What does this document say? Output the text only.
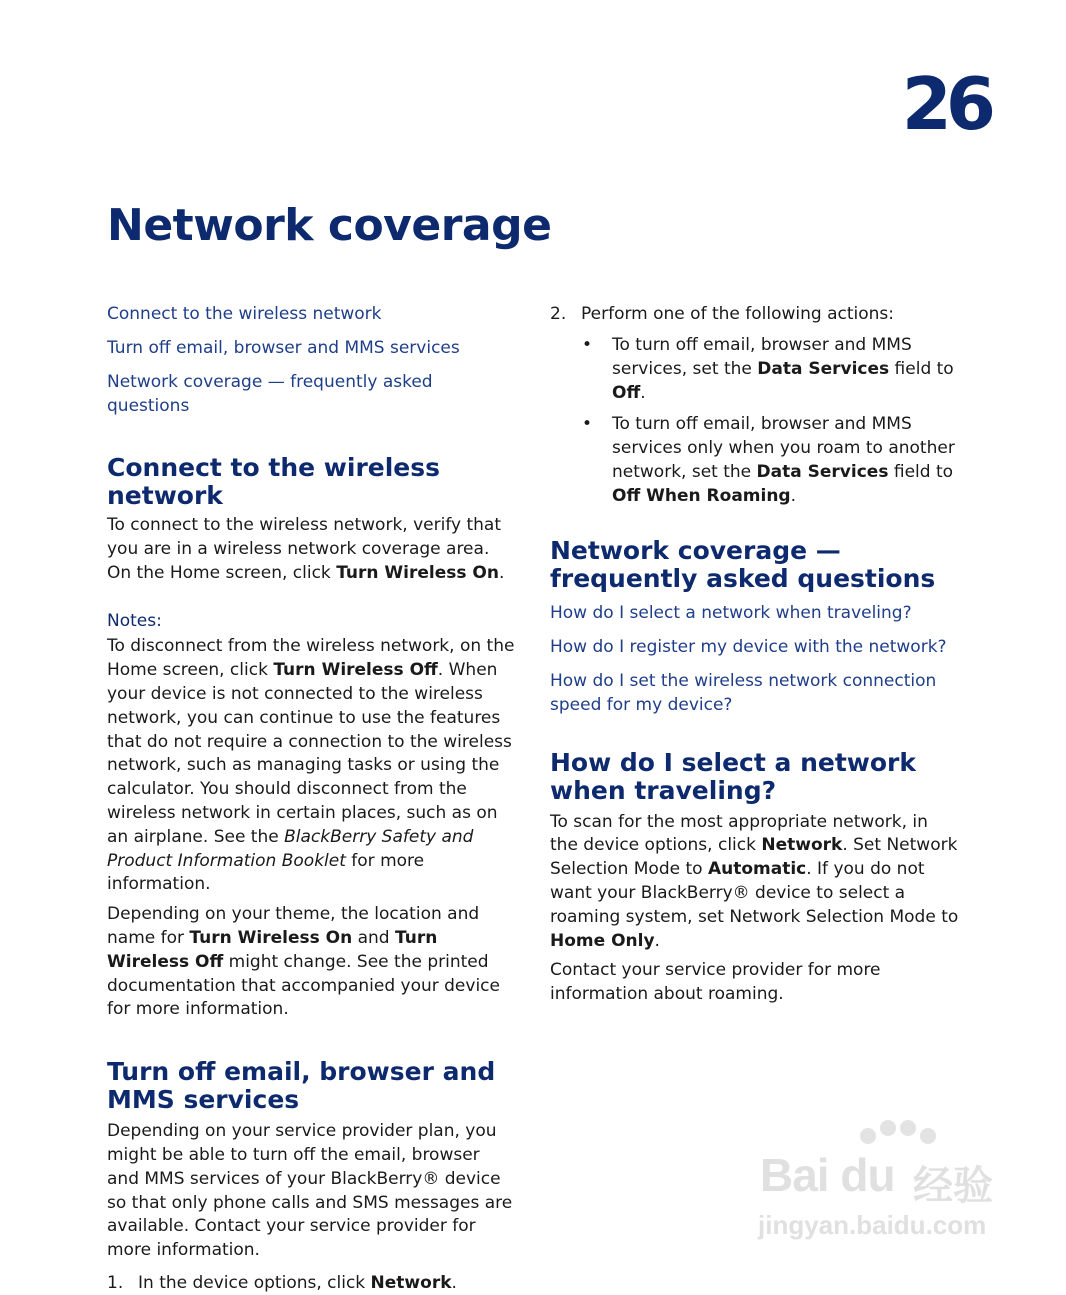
26
Network coverage
Connect to the wireless network
Turn off email, browser and MMS services
Network coverage — frequently asked questions
Connect to the wireless network

To connect to the wireless network, verify that you are in a wireless network coverage area. On the Home screen, click Turn Wireless On.

Notes:

To disconnect from the wireless network, on the Home screen, click Turn Wireless Off. When your device is not connected to the wireless network, you can continue to use the features that do not require a connection to the wireless network, such as managing tasks or using the calculator. You should disconnect from the wireless network in certain places, such as on an airplane. See the BlackBerry Safety and Product Information Booklet for more information.

Depending on your theme, the location and name for Turn Wireless On and Turn Wireless Off might change. See the printed documentation that accompanied your device for more information.

Turn off email, browser and MMS services

Depending on your service provider plan, you might be able to turn off the email, browser and MMS services of your BlackBerry® device so that only phone calls and SMS messages are available. Contact your service provider for more information.

1. In the device options, click Network.
2. Perform one of the following actions:
• To turn off email, browser and MMS services, set the Data Services field to Off.
• To turn off email, browser and MMS services only when you roam to another network, set the Data Services field to Off When Roaming.
Network coverage — frequently asked questions
How do I select a network when traveling?
How do I register my device with the network?
How do I set the wireless network connection speed for my device?
How do I select a network when traveling?

To scan for the most appropriate network, in the device options, click Network. Set Network Selection Mode to Automatic. If you do not want your BlackBerry® device to select a roaming system, set Network Selection Mode to Home Only.

Contact your service provider for more information about roaming.

Bai du 经验
jingyan.baidu.com
